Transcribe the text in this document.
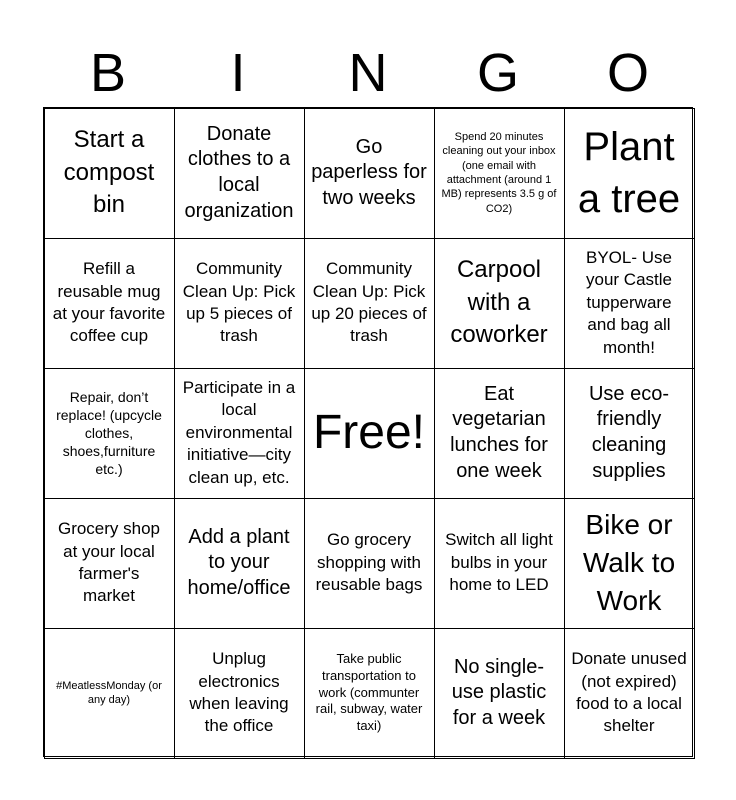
B	I	N	G	O
Start a compost bin
Donate clothes to a local organization
Go paperless for two weeks
Spend 20 minutes cleaning out your inbox (one email with attachment (around 1 MB) represents 3.5 g of CO2)
Plant a tree
Refill a reusable mug at your favorite coffee cup
Community Clean Up: Pick up 5 pieces of trash
Community Clean Up: Pick up 20 pieces of trash
Carpool with a coworker
BYOL- Use your Castle tupperware and bag all month!
Repair, don’t replace! (upcycle clothes, shoes,furniture etc.)
Participate in a local environmental initiative—city clean up, etc.
Free!
Eat vegetarian lunches for one week
Use eco-friendly cleaning supplies
Grocery shop at your local farmer's market
Add a plant to your home/office
Go grocery shopping with reusable bags
Switch all light bulbs in your home to LED
Bike or Walk to Work
#MeatlessMonday (or any day)
Unplug electronics when leaving the office
Take public transportation to work (communter rail, subway, water taxi)
No single-use plastic for a week
Donate unused (not expired) food to a local shelter
